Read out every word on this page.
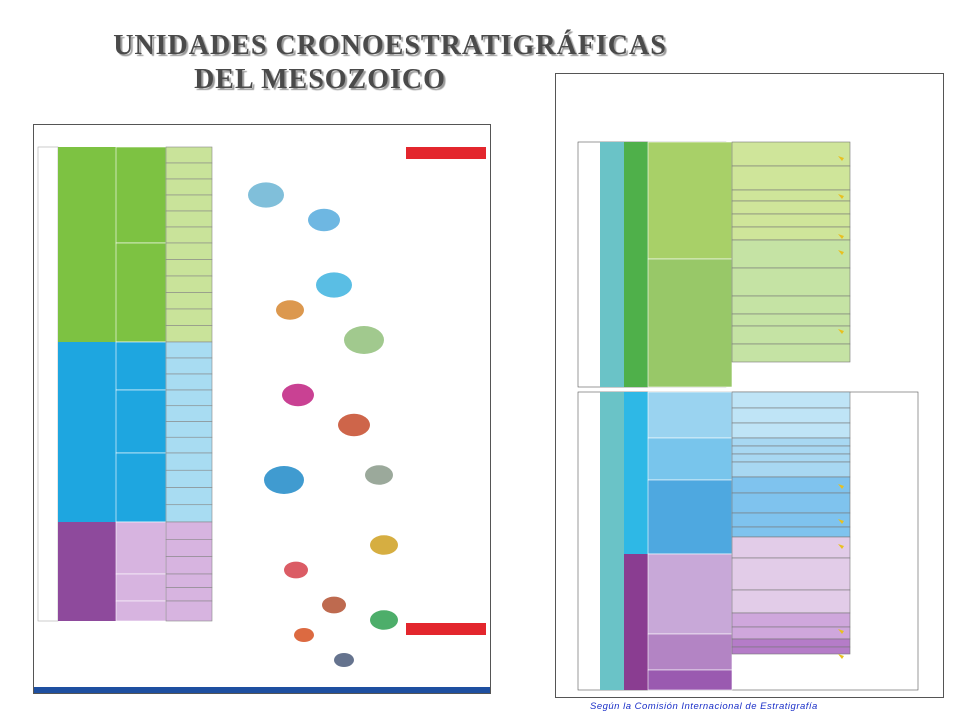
UNIDADES CRONOESTRATIGRÁFICAS
DEL MESOZOICO
Según la Comisión Internacional de Estratigrafía
